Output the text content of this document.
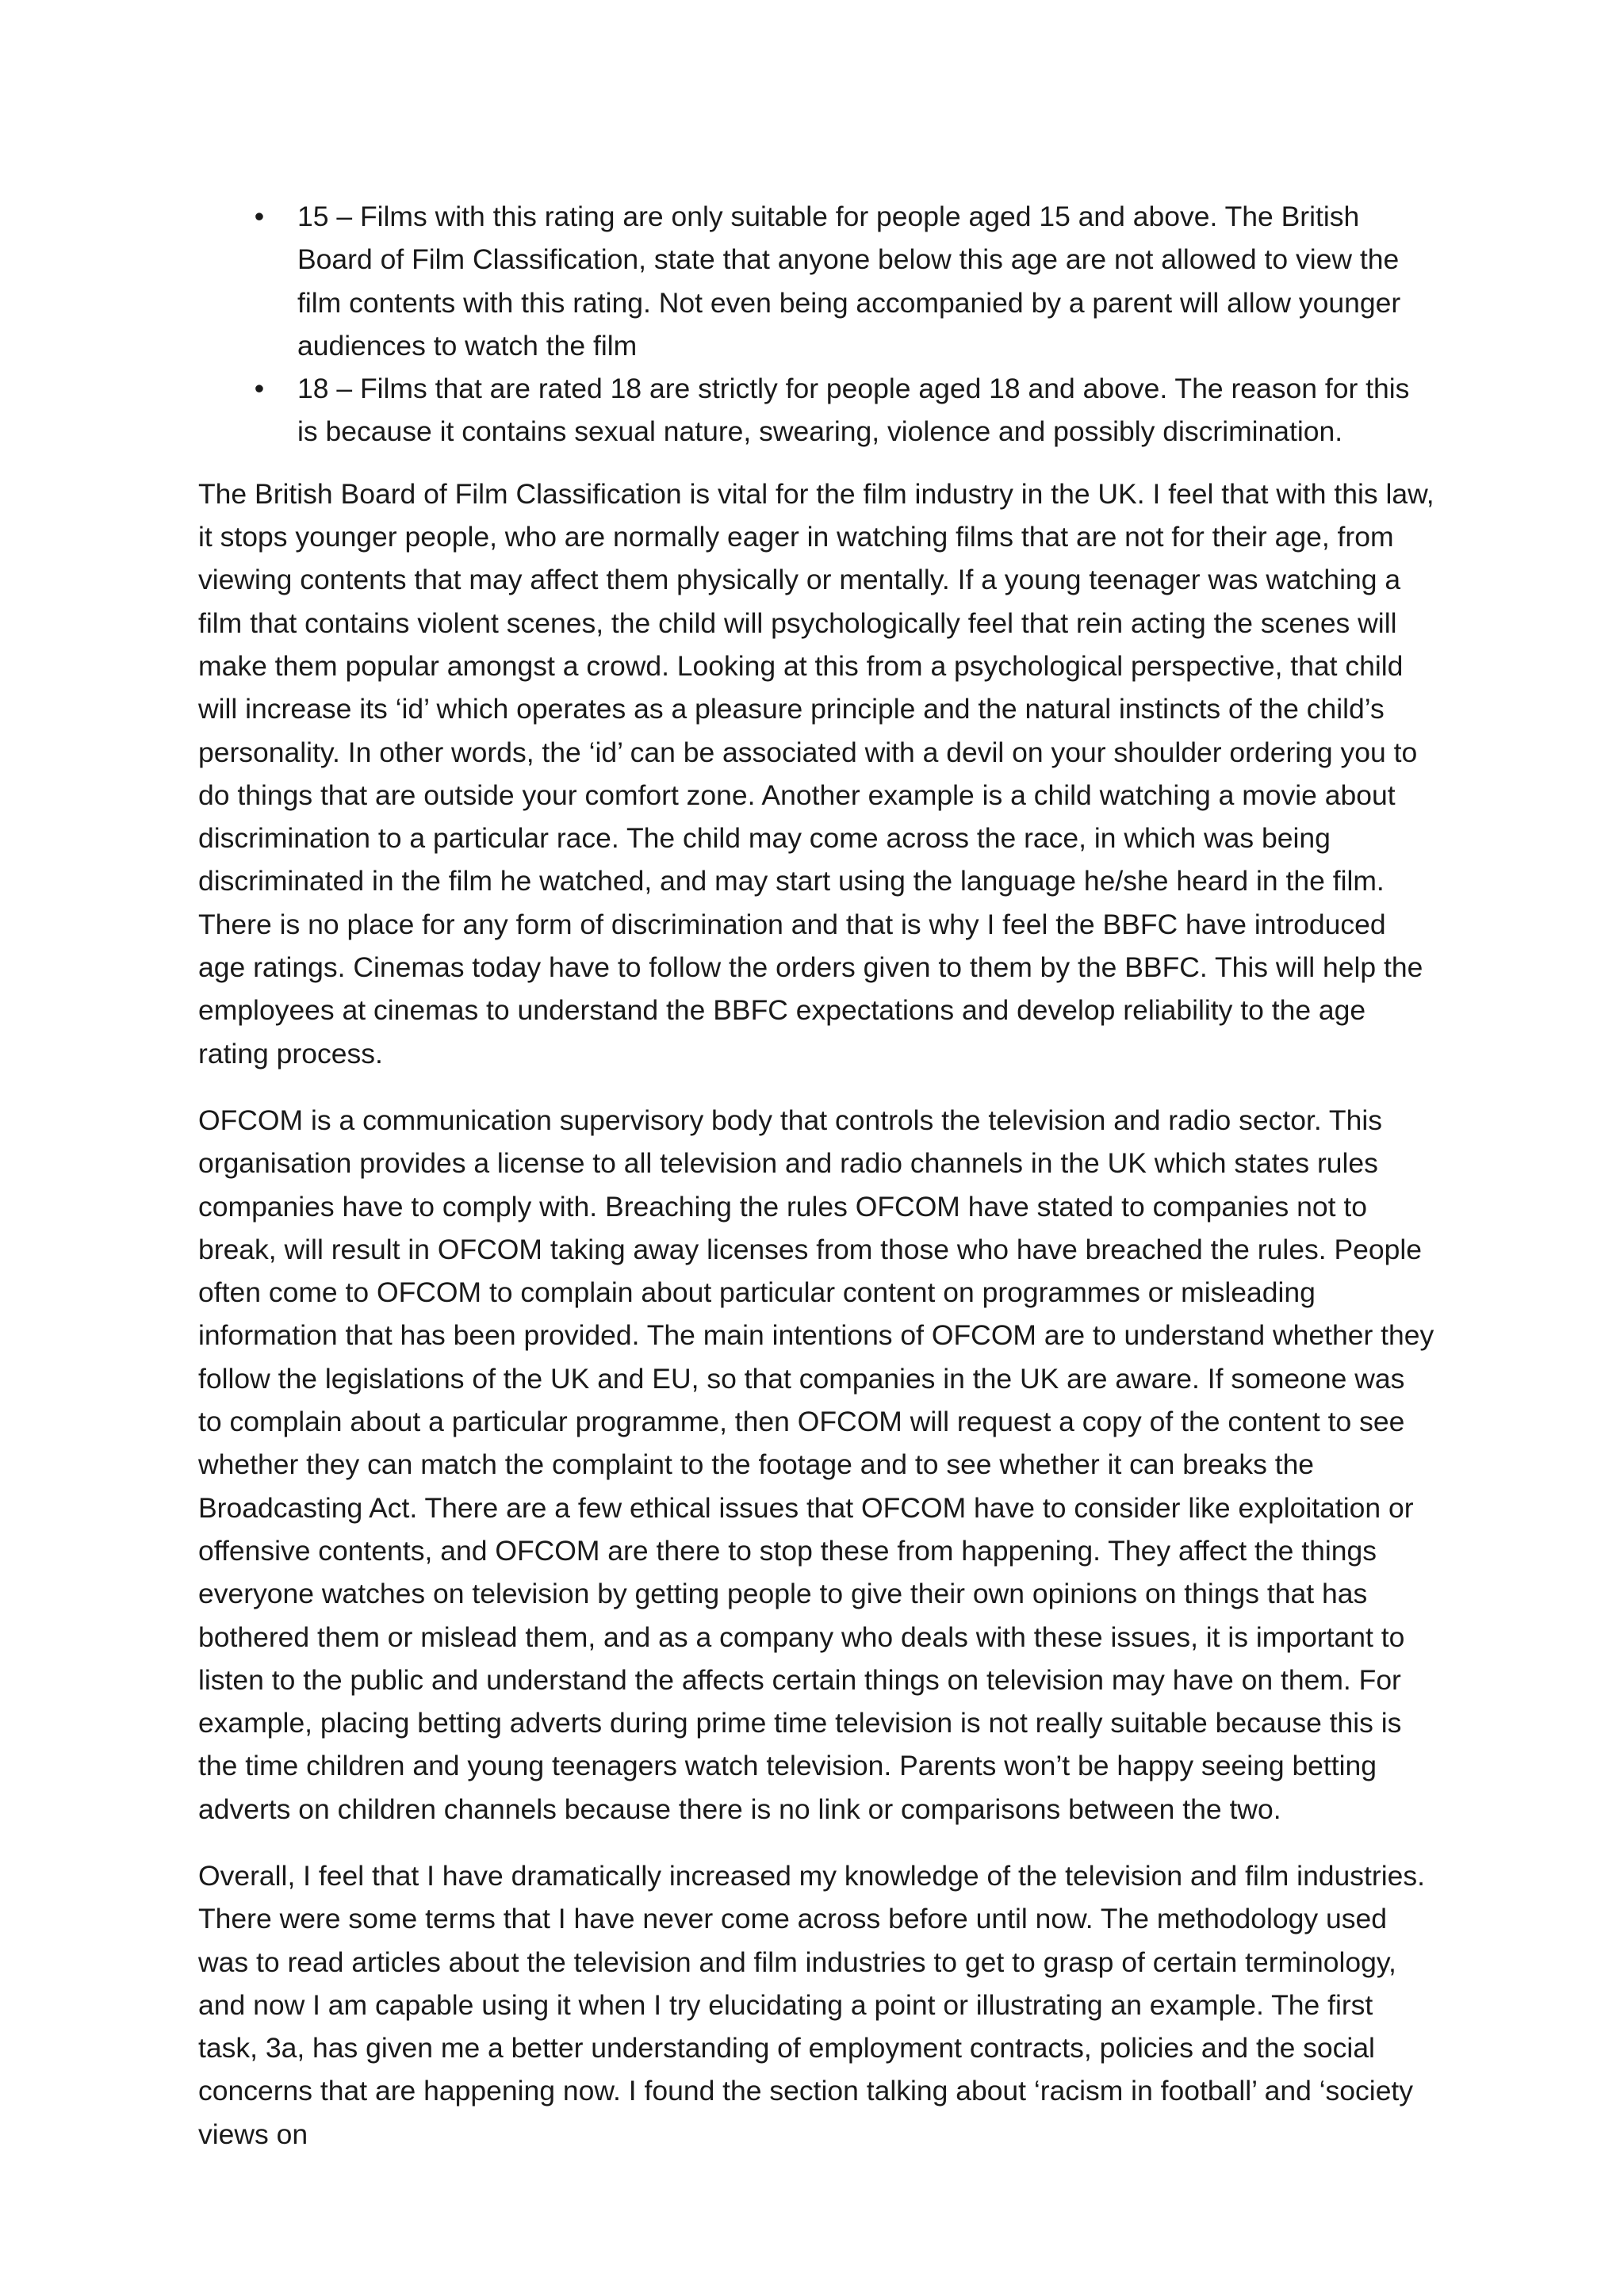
• 15 – Films with this rating are only suitable for people aged 15 and above. The British Board of Film Classification, state that anyone below this age are not allowed to view the film contents with this rating. Not even being accompanied by a parent will allow younger audiences to watch the film
• 18 – Films that are rated 18 are strictly for people aged 18 and above. The reason for this is because it contains sexual nature, swearing, violence and possibly discrimination.

The British Board of Film Classification is vital for the film industry in the UK. I feel that with this law, it stops younger people, who are normally eager in watching films that are not for their age, from viewing contents that may affect them physically or mentally. If a young teenager was watching a film that contains violent scenes, the child will psychologically feel that rein acting the scenes will make them popular amongst a crowd. Looking at this from a psychological perspective, that child will increase its ‘id’ which operates as a pleasure principle and the natural instincts of the child’s personality. In other words, the ‘id’ can be associated with a devil on your shoulder ordering you to do things that are outside your comfort zone. Another example is a child watching a movie about discrimination to a particular race. The child may come across the race, in which was being discriminated in the film he watched, and may start using the language he/she heard in the film. There is no place for any form of discrimination and that is why I feel the BBFC have introduced age ratings. Cinemas today have to follow the orders given to them by the BBFC. This will help the employees at cinemas to understand the BBFC expectations and develop reliability to the age rating process.

OFCOM is a communication supervisory body that controls the television and radio sector. This organisation provides a license to all television and radio channels in the UK which states rules companies have to comply with. Breaching the rules OFCOM have stated to companies not to break, will result in OFCOM taking away licenses from those who have breached the rules. People often come to OFCOM to complain about particular content on programmes or misleading information that has been provided. The main intentions of OFCOM are to understand whether they follow the legislations of the UK and EU, so that companies in the UK are aware. If someone was to complain about a particular programme, then OFCOM will request a copy of the content to see whether they can match the complaint to the footage and to see whether it can breaks the Broadcasting Act. There are a few ethical issues that OFCOM have to consider like exploitation or offensive contents, and OFCOM are there to stop these from happening. They affect the things everyone watches on television by getting people to give their own opinions on things that has bothered them or mislead them, and as a company who deals with these issues, it is important to listen to the public and understand the affects certain things on television may have on them. For example, placing betting adverts during prime time television is not really suitable because this is the time children and young teenagers watch television. Parents won’t be happy seeing betting adverts on children channels because there is no link or comparisons between the two.

Overall, I feel that I have dramatically increased my knowledge of the television and film industries. There were some terms that I have never come across before until now. The methodology used was to read articles about the television and film industries to get to grasp of certain terminology, and now I am capable using it when I try elucidating a point or illustrating an example. The first task, 3a, has given me a better understanding of employment contracts, policies and the social concerns that are happening now. I found the section talking about ‘racism in football’ and ‘society views on
